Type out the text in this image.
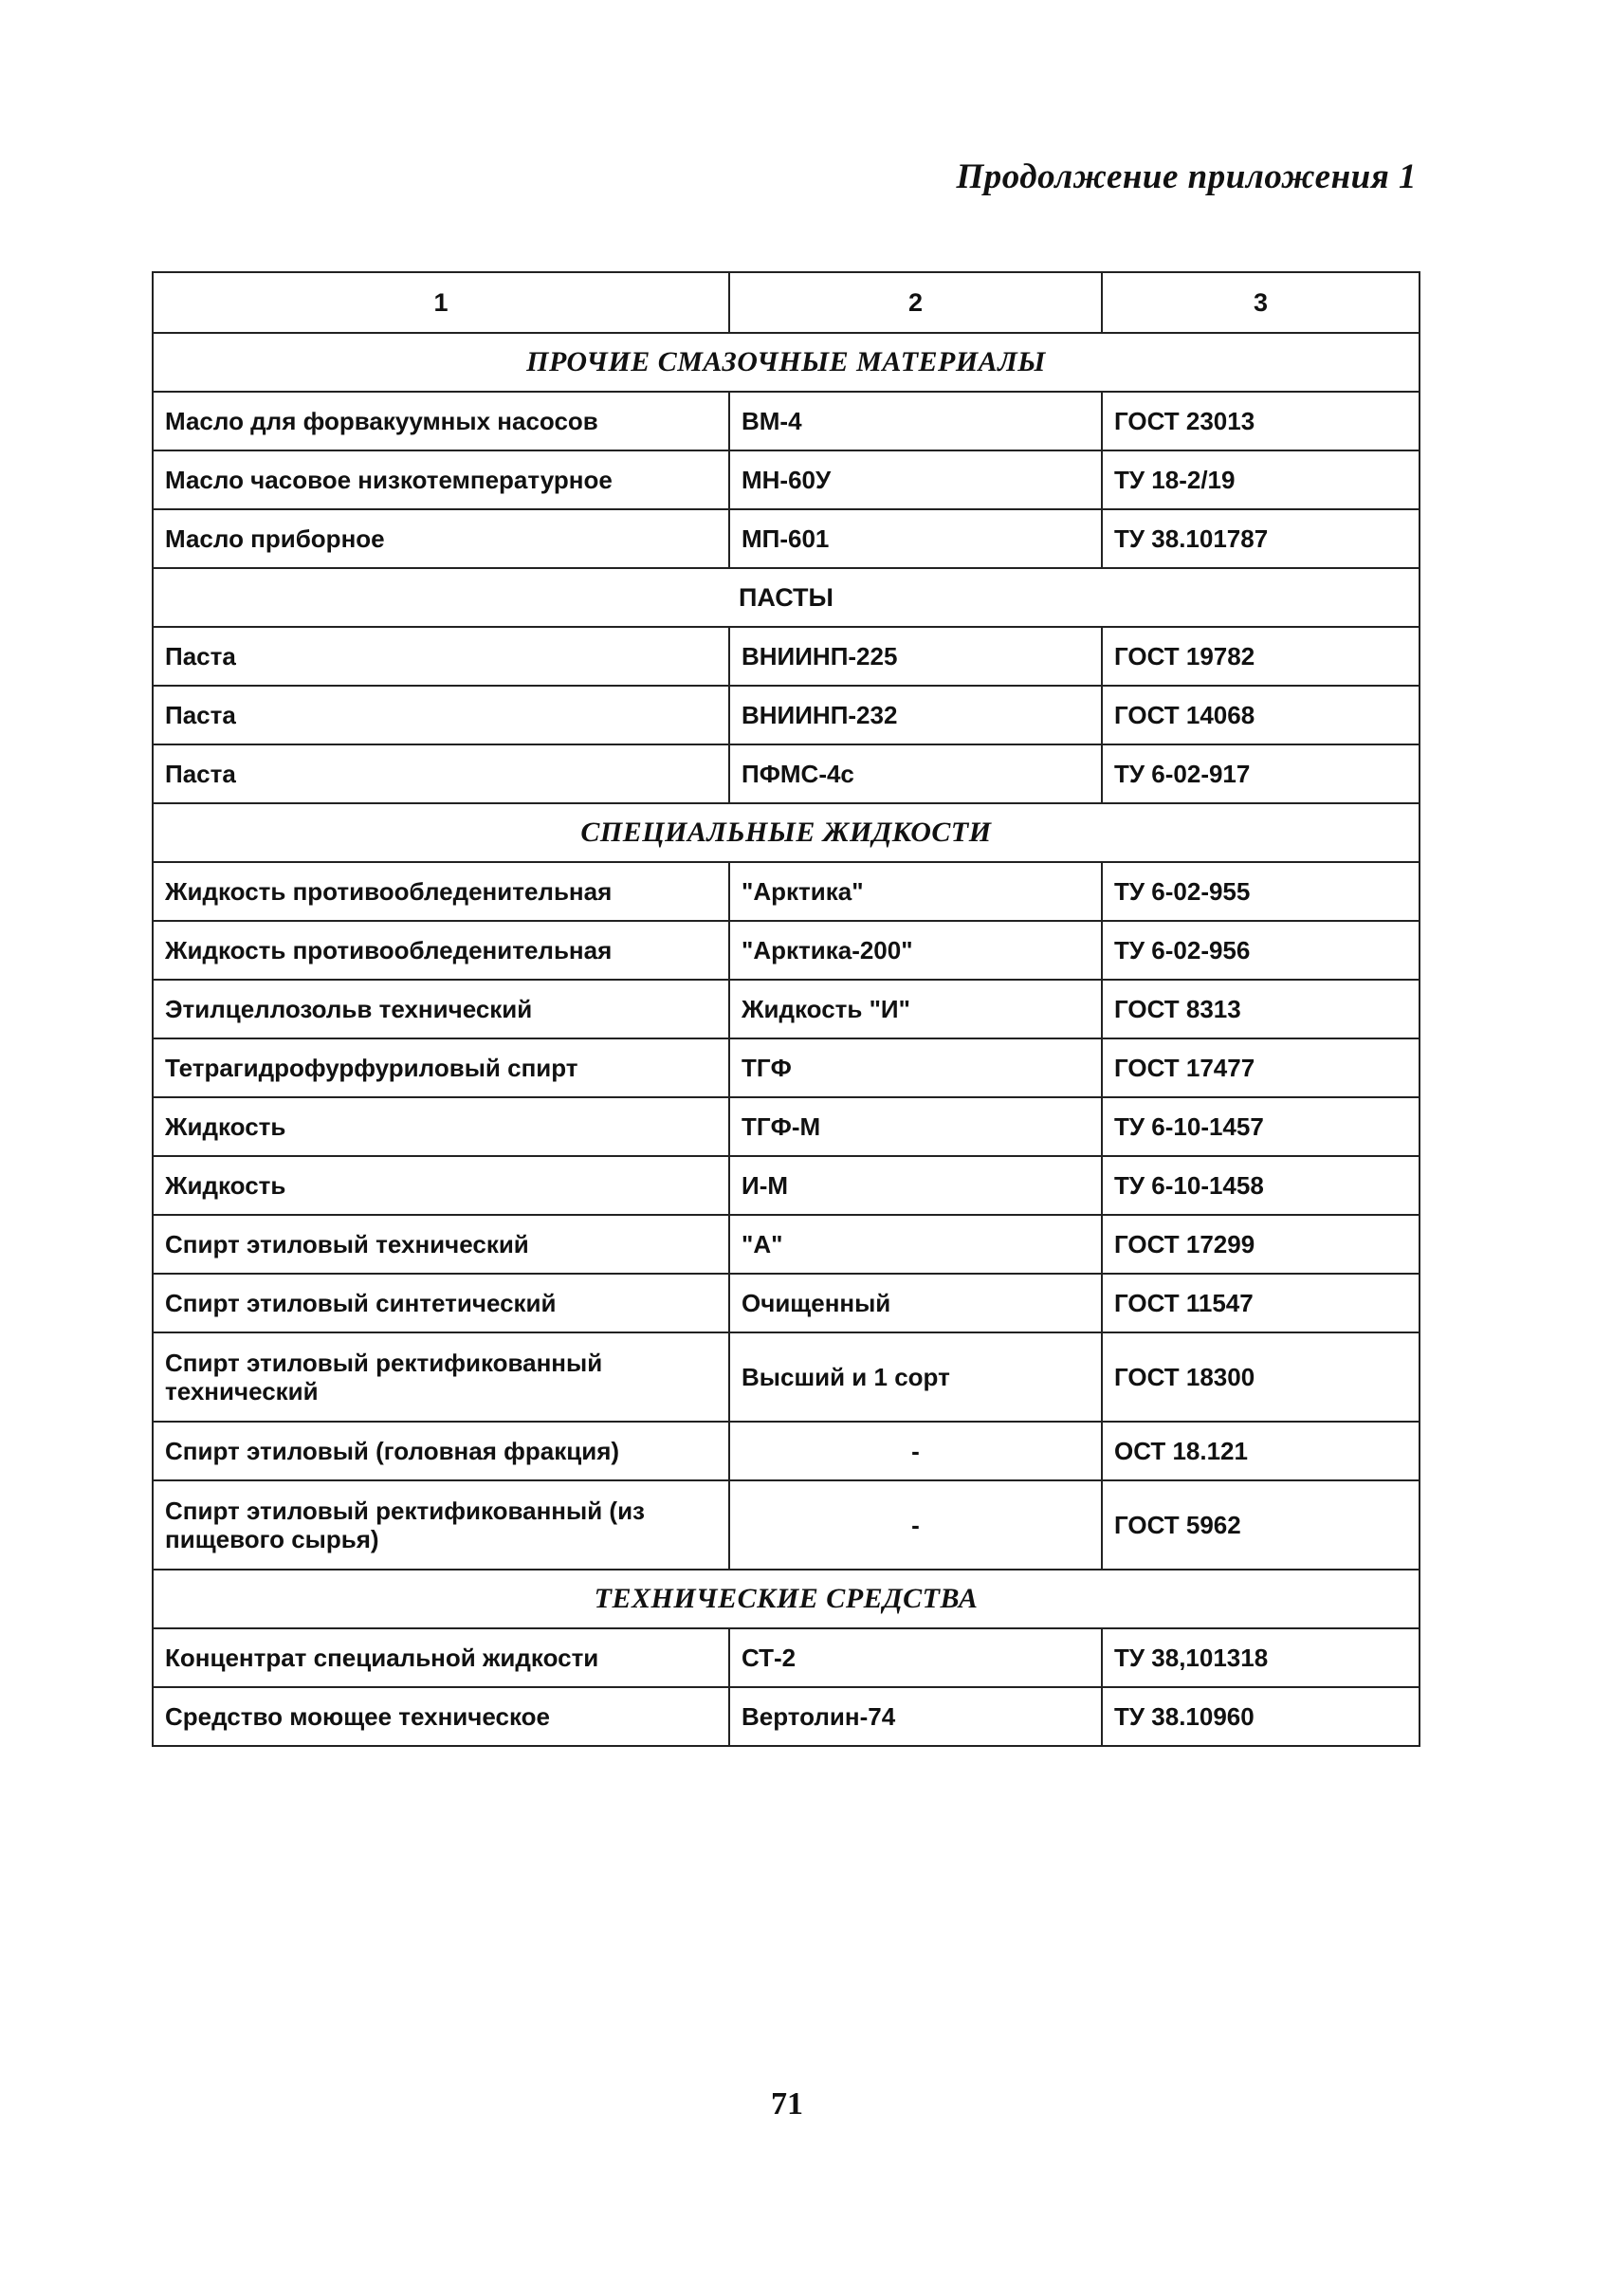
Продолжение приложения 1
1	2	3
ПРОЧИЕ СМАЗОЧНЫЕ МАТЕРИАЛЫ		
Масло для форвакуумных насосов	ВМ-4	ГОСТ 23013
Масло часовое низкотемпературное	МН-60У	ТУ 18-2/19
Масло приборное	МП-601	ТУ 38.101787
ПАСТЫ		
Паста	ВНИИНП-225	ГОСТ 19782
Паста	ВНИИНП-232	ГОСТ 14068
Паста	ПФМС-4с	ТУ 6-02-917
СПЕЦИАЛЬНЫЕ ЖИДКОСТИ		
Жидкость противообледенительная	"Арктика"	ТУ 6-02-955
Жидкость противообледенительная	"Арктика-200"	ТУ 6-02-956
Этилцеллозольв технический	Жидкость "И"	ГОСТ 8313
Тетрагидрофурфуриловый спирт	ТГФ	ГОСТ 17477
Жидкость	ТГФ-М	ТУ 6-10-1457
Жидкость	И-М	ТУ 6-10-1458
Спирт этиловый технический	"А"	ГОСТ 17299
Спирт этиловый синтетический	Очищенный	ГОСТ 11547
Спирт этиловый ректификованный технический	Высший и 1 сорт	ГОСТ 18300
Спирт этиловый (головная фракция)	-	ОСТ 18.121
Спирт этиловый ректификованный (из пищевого сырья)	-	ГОСТ 5962
ТЕХНИЧЕСКИЕ СРЕДСТВА		
Концентрат специальной жидкости	СТ-2	ТУ 38,101318
Средство моющее техническое	Вертолин-74	ТУ 38.10960
71
